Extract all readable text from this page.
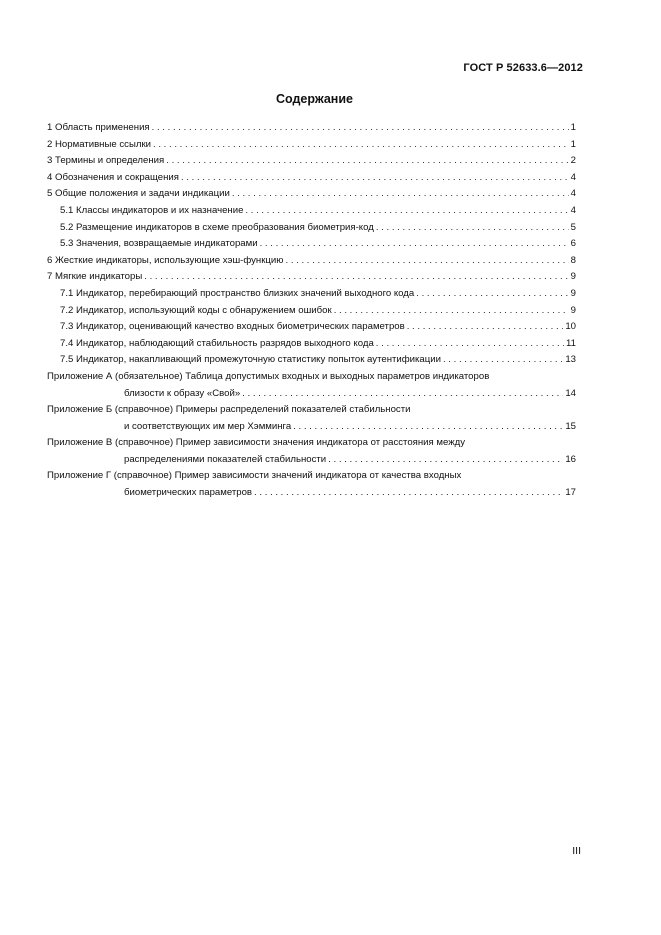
ГОСТ Р 52633.6—2012
Содержание
1 Область применения . . .	1
2 Нормативные ссылки . . .	1
3 Термины и определения . . .	2
4 Обозначения и сокращения . . .	4
5 Общие положения и задачи индикации . . .	4
5.1 Классы индикаторов и их назначение . . .	4
5.2 Размещение индикаторов в схеме преобразования биометрия-код . . .	5
5.3 Значения, возвращаемые индикаторами . . .	6
6 Жесткие индикаторы, использующие хэш-функцию . . .	8
7 Мягкие индикаторы . . .	9
7.1 Индикатор, перебирающий пространство близких значений выходного кода . . .	9
7.2 Индикатор, использующий коды с обнаружением ошибок . . .	9
7.3 Индикатор, оценивающий качество входных биометрических параметров . . .	10
7.4 Индикатор, наблюдающий стабильность разрядов выходного кода . . .	11
7.5 Индикатор, накапливающий промежуточную статистику попыток аутентификации . . .	13
Приложение А (обязательное) Таблица допустимых входных и выходных параметров индикаторов
близости к образу «Свой» . . .	14
Приложение Б (справочное) Примеры распределений показателей стабильности
и соответствующих им мер Хэмминга . . .	15
Приложение В (справочное) Пример зависимости значения индикатора от расстояния между
распределениями показателей стабильности . . .	16
Приложение Г (справочное) Пример зависимости значений индикатора от качества входных
биометрических параметров . . .	17
III
